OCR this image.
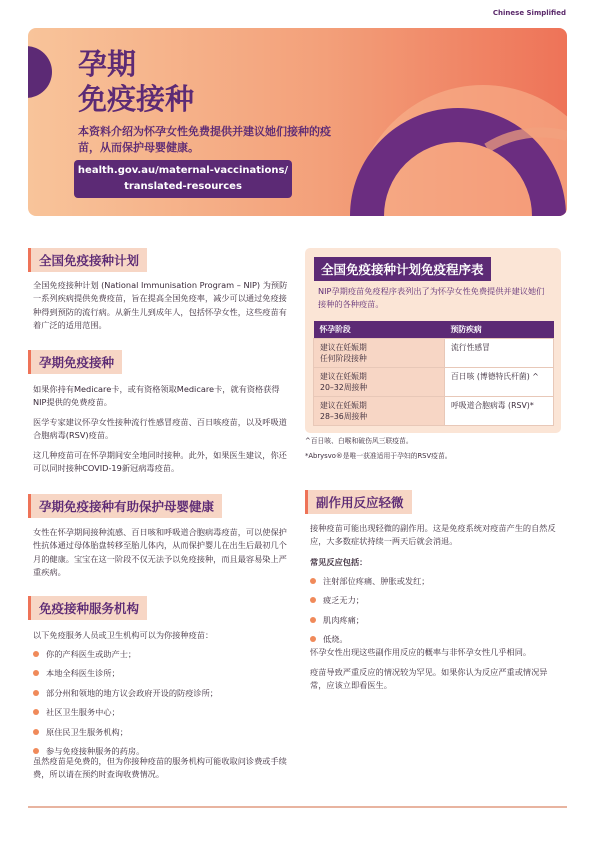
Chinese Simplified
孕期
免疫接种

本资料介绍为怀孕女性免费提供并建议她们接种的疫苗，从而保护母婴健康。

health.gov.au/maternal-vaccinations/
translated-resources
全国免疫接种计划

全国免疫接种计划 (National Immunisation Program – NIP) 为预防一系列疾病提供免费疫苗，旨在提高全国免疫率，减少可以通过免疫接种得到预防的流行病。从新生儿到成年人，包括怀孕女性，这些疫苗有着广泛的适用范围。

孕期免疫接种

如果你持有Medicare卡，或有资格领取Medicare卡，就有资格获得NIP提供的免费疫苗。

医学专家建议怀孕女性接种流行性感冒疫苗、百日咳疫苗，以及呼吸道合胞病毒(RSV)疫苗。

这几种疫苗可在怀孕期间安全地同时接种。此外，如果医生建议，你还可以同时接种COVID-19新冠病毒疫苗。

孕期免疫接种有助保护母婴健康

女性在怀孕期间接种流感、百日咳和呼吸道合胞病毒疫苗，可以使保护性抗体通过母体胎盘转移至胎儿体内，从而保护婴儿在出生后最初几个月的健康。宝宝在这一阶段不仅无法予以免疫接种，而且最容易染上严重疾病。

免疫接种服务机构

以下免疫服务人员或卫生机构可以为你接种疫苗：

你的产科医生或助产士；
本地全科医生诊所；
部分州和领地的地方议会政府开设的防疫诊所；
社区卫生服务中心；
原住民卫生服务机构；
参与免疫接种服务的药房。

虽然疫苗是免费的，但为你接种疫苗的服务机构可能收取问诊费或手续费，所以请在预约时查询收费情况。

全国免疫接种计划免疫程序表

NIP孕期疫苗免疫程序表列出了为怀孕女性免费提供并建议她们接种的各种疫苗。

怀孕阶段	预防疾病
建议在妊娠期
任何阶段接种	流行性感冒
建议在妊娠期
20–32周接种	百日咳 (博德特氏杆菌) ^
建议在妊娠期
28–36周接种	呼吸道合胞病毒 (RSV)*

^百日咳、白喉和破伤风三联疫苗。

*Abrysvo®是唯一获准适用于孕妇的RSV疫苗。

副作用反应轻微

接种疫苗可能出现轻微的副作用。这是免疫系统对疫苗产生的自然反应，大多数症状持续一两天后就会消退。

常见反应包括：

注射部位疼痛、肿胀或发红；
疲乏无力；
肌肉疼痛；
低烧。

怀孕女性出现这些副作用反应的概率与非怀孕女性几乎相同。

疫苗导致严重反应的情况较为罕见。如果你认为反应严重或情况异常，应该立即看医生。
